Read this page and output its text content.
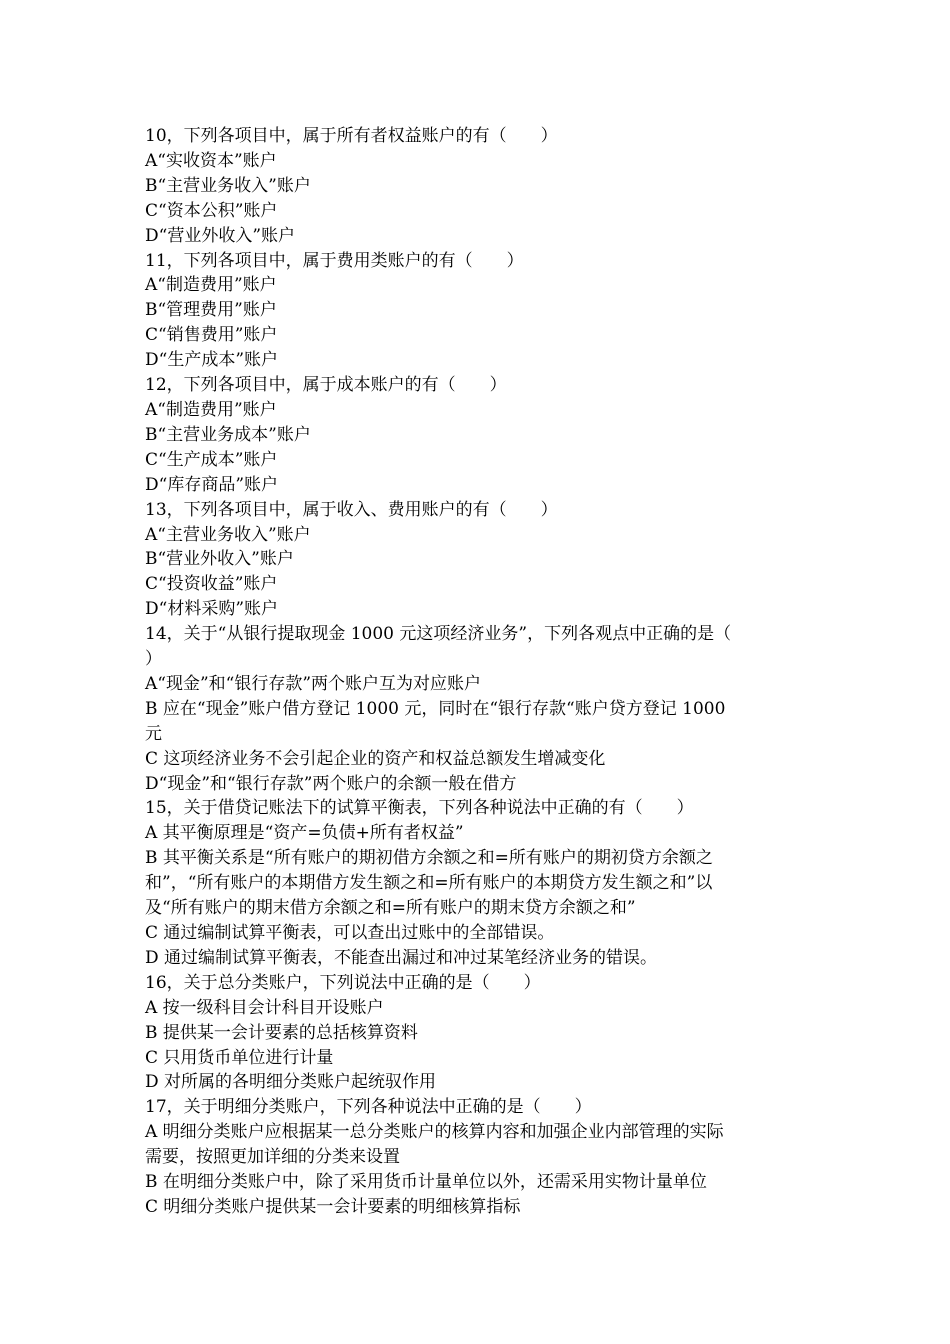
10，下列各项目中，属于所有者权益账户的有（　　）

A“实收资本”账户

B“主营业务收入”账户

C“资本公积”账户

D“营业外收入”账户

11，下列各项目中，属于费用类账户的有（　　）

A“制造费用”账户

B“管理费用”账户

C“销售费用”账户

D“生产成本”账户

12，下列各项目中，属于成本账户的有（　　）

A“制造费用”账户

B“主营业务成本”账户

C“生产成本”账户

D“库存商品”账户

13，下列各项目中，属于收入、费用账户的有（　　）

A“主营业务收入”账户

B“营业外收入”账户

C“投资收益”账户

D“材料采购”账户

14，关于“从银行提取现金 1000 元这项经济业务”，下列各观点中正确的是（

）

A“现金”和“银行存款”两个账户互为对应账户

B 应在“现金”账户借方登记 1000 元，同时在“银行存款“账户贷方登记 1000

元

C 这项经济业务不会引起企业的资产和权益总额发生增减变化

D“现金”和“银行存款”两个账户的余额一般在借方

15，关于借贷记账法下的试算平衡表，下列各种说法中正确的有（　　）

A 其平衡原理是“资产=负债+所有者权益”

B 其平衡关系是“所有账户的期初借方余额之和=所有账户的期初贷方余额之

和”，“所有账户的本期借方发生额之和=所有账户的本期贷方发生额之和”以

及“所有账户的期末借方余额之和=所有账户的期末贷方余额之和”

C 通过编制试算平衡表，可以查出过账中的全部错误。

D 通过编制试算平衡表，不能查出漏过和冲过某笔经济业务的错误。

16，关于总分类账户，下列说法中正确的是（　　）

A 按一级科目会计科目开设账户

B 提供某一会计要素的总括核算资料

C 只用货币单位进行计量

D 对所属的各明细分类账户起统驭作用

17，关于明细分类账户，下列各种说法中正确的是（　　）

A 明细分类账户应根据某一总分类账户的核算内容和加强企业内部管理的实际

需要，按照更加详细的分类来设置

B 在明细分类账户中，除了采用货币计量单位以外，还需采用实物计量单位

C 明细分类账户提供某一会计要素的明细核算指标
